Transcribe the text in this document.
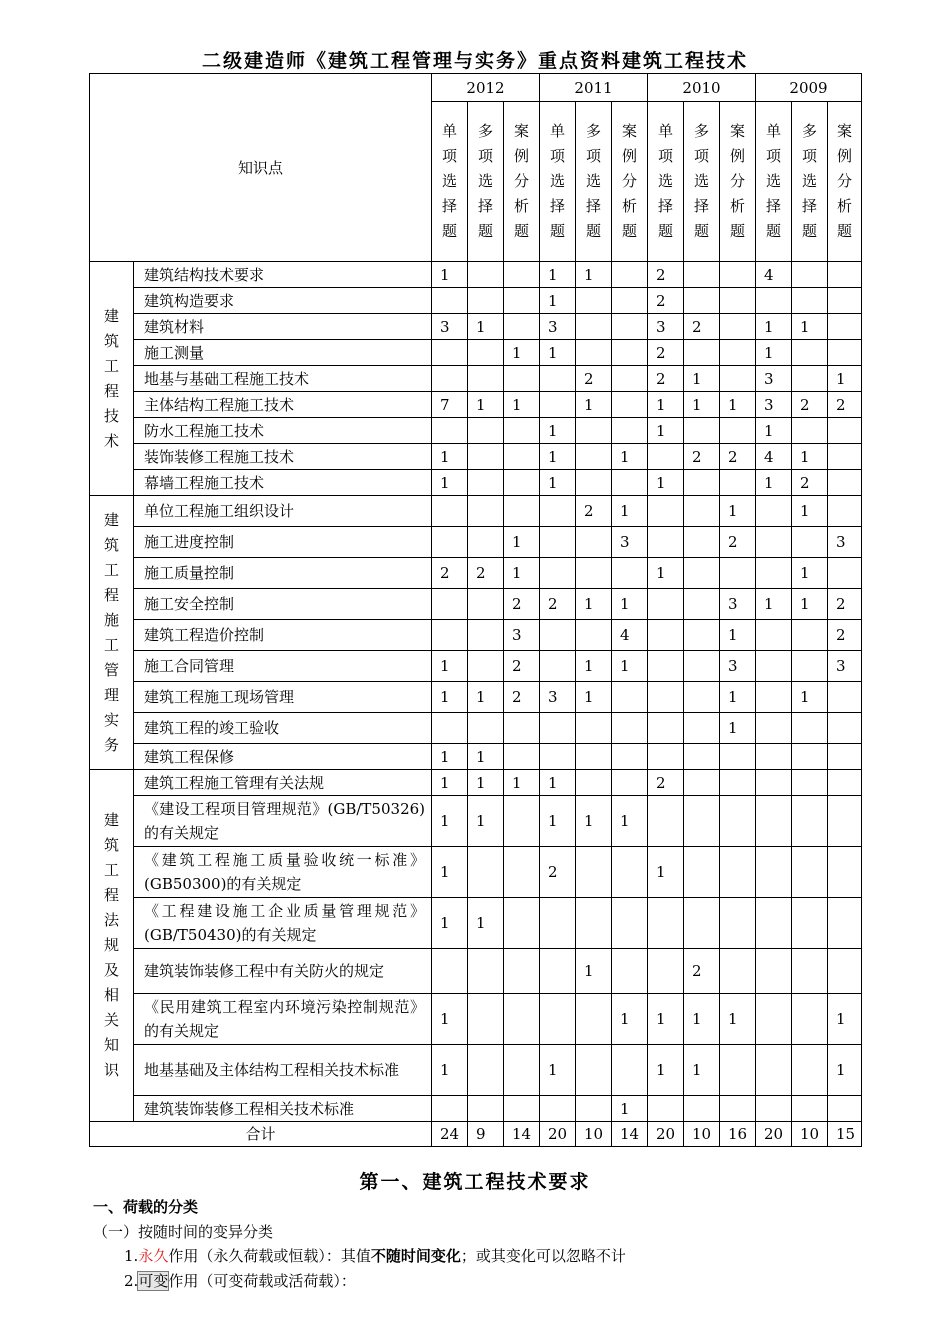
二级建造师《建筑工程管理与实务》重点资料建筑工程技术
知识点		2012			2011			2010			2009		
		单项选择题	多项选择题	案例分析题	单项选择题	多项选择题	案例分析题	单项选择题	多项选择题	案例分析题	单项选择题	多项选择题	案例分析题
建筑工程技术	建筑结构技术要求	1			1	1		2			4		
	建筑构造要求				1			2					
	建筑材料	3	1		3			3	2		1	1	
	施工测量			1	1			2			1		
	地基与基础工程施工技术					2		2	1		3		1
	主体结构工程施工技术	7	1	1		1		1	1	1	3	2	2
	防水工程施工技术				1			1			1		
	装饰装修工程施工技术	1			1		1		2	2	4	1	
	幕墙工程施工技术	1			1			1			1	2	
建筑工程施工管理实务	单位工程施工组织设计					2	1			1		1	
	施工进度控制			1			3			2			3
	施工质量控制	2	2	1				1				1	
	施工安全控制			2	2	1	1			3	1	1	2
	建筑工程造价控制			3			4			1			2
	施工合同管理	1		2		1	1			3			3
	建筑工程施工现场管理	1	1	2	3	1				1		1	
	建筑工程的竣工验收									1			
	建筑工程保修	1	1										
建筑工程法规及相关知识	建筑工程施工管理有关法规	1	1	1	1			2					
	《建设工程项目管理规范》(GB/T50326)的有关规定	1	1		1	1	1						
	《建筑工程施工质量验收统一标准》(GB50300)的有关规定	1			2			1					
	《工程建设施工企业质量管理规范》(GB/T50430)的有关规定	1	1										
	建筑装饰装修工程中有关防火的规定					1			2				
	《民用建筑工程室内环境污染控制规范》的有关规定	1					1	1	1	1			1
	地基基础及主体结构工程相关技术标准	1			1			1	1				1
	建筑装饰装修工程相关技术标准						1						
合计		24	9	14	20	10	14	20	10	16	20	10	15
第一、建筑工程技术要求
一、荷载的分类
（一）按随时间的变异分类
1.永久作用（永久荷载或恒载）：其值不随时间变化；或其变化可以忽略不计
2.可变作用（可变荷载或活荷载）：
